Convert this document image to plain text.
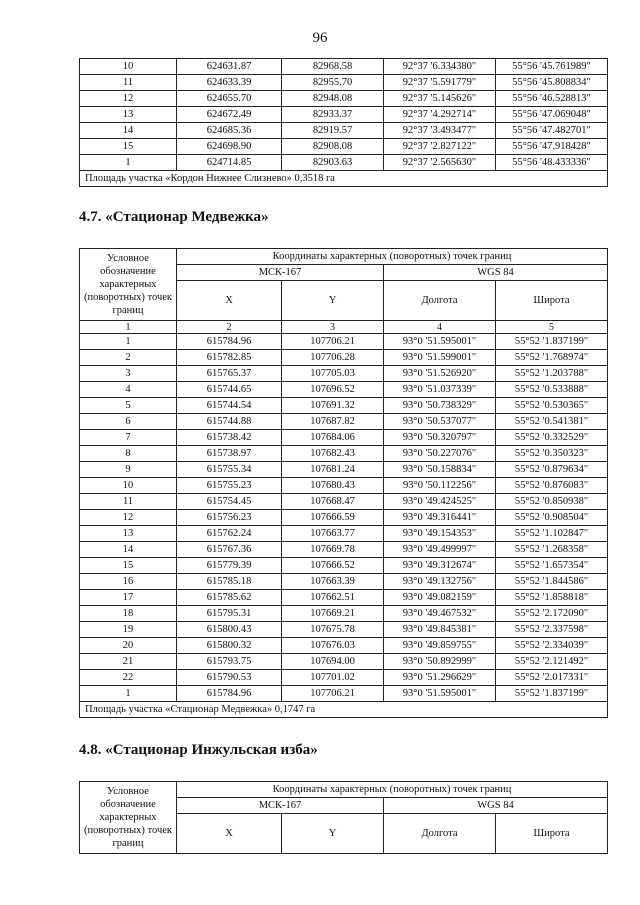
96
10	624631.87	82968.58	92°37 '6.334380"	55°56 '45.761989"
11	624633.39	82955.70	92°37 '5.591779"	55°56 '45.808834"
12	624655.70	82948.08	92°37 '5.145626"	55°56 '46.528813"
13	624672.49	82933.37	92°37 '4.292714"	55°56 '47.069048"
14	624685.36	82919.57	92°37 '3.493477"	55°56 '47.482701"
15	624698.90	82908.08	92°37 '2.827122"	55°56 '47.918428"
1	624714.85	82903.63	92°37 '2.565630"	55°56 '48.433336"
Площадь участка «Кордон Нижнее Слизнево» 0,3518 га				
4.7. «Стационар Медвежка»
Условное обозначение характерных (поворотных) точек границ	Координаты характерных (поворотных) точек границ			
	МСК-167		WGS 84	
	X	Y	Долгота	Широта
1	2	3	4	5
1	615784.96	107706.21	93°0 '51.595001"	55°52 '1.837199"
2	615782.85	107706.28	93°0 '51.599001"	55°52 '1.768974"
3	615765.37	107705.03	93°0 '51.526920"	55°52 '1.203788"
4	615744.65	107696.52	93°0 '51.037339"	55°52 '0.533888"
5	615744.54	107691.32	93°0 '50.738329"	55°52 '0.530365"
6	615744.88	107687.82	93°0 '50.537077"	55°52 '0.541381"
7	615738.42	107684.06	93°0 '50.320797"	55°52 '0.332529"
8	615738.97	107682.43	93°0 '50.227076"	55°52 '0.350323"
9	615755.34	107681.24	93°0 '50.158834"	55°52 '0.879634"
10	615755.23	107680.43	93°0 '50.112256"	55°52 '0.876083"
11	615754.45	107668.47	93°0 '49.424525"	55°52 '0.850938"
12	615756.23	107666.59	93°0 '49.316441"	55°52 '0.908504"
13	615762.24	107663.77	93°0 '49.154353"	55°52 '1.102847"
14	615767.36	107669.78	93°0 '49.499997"	55°52 '1.268358"
15	615779.39	107666.52	93°0 '49.312674"	55°52 '1.657354"
16	615785.18	107663.39	93°0 '49.132756"	55°52 '1.844586"
17	615785.62	107662.51	93°0 '49.082159"	55°52 '1.858818"
18	615795.31	107669.21	93°0 '49.467532"	55°52 '2.172090"
19	615800.43	107675.78	93°0 '49.845381"	55°52 '2.337598"
20	615800.32	107676.03	93°0 '49.859755"	55°52 '2.334039"
21	615793.75	107694.00	93°0 '50.892999"	55°52 '2.121492"
22	615790.53	107701.02	93°0 '51.296629"	55°52 '2.017331"
1	615784.96	107706.21	93°0 '51.595001"	55°52 '1.837199"
Площадь участка «Стационар Медвежка» 0,1747 га				
4.8. «Стационар Инжульская изба»
Условное обозначение характерных (поворотных) точек границ	Координаты характерных (поворотных) точек границ			
	МСК-167		WGS 84	
	X	Y	Долгота	Широта
